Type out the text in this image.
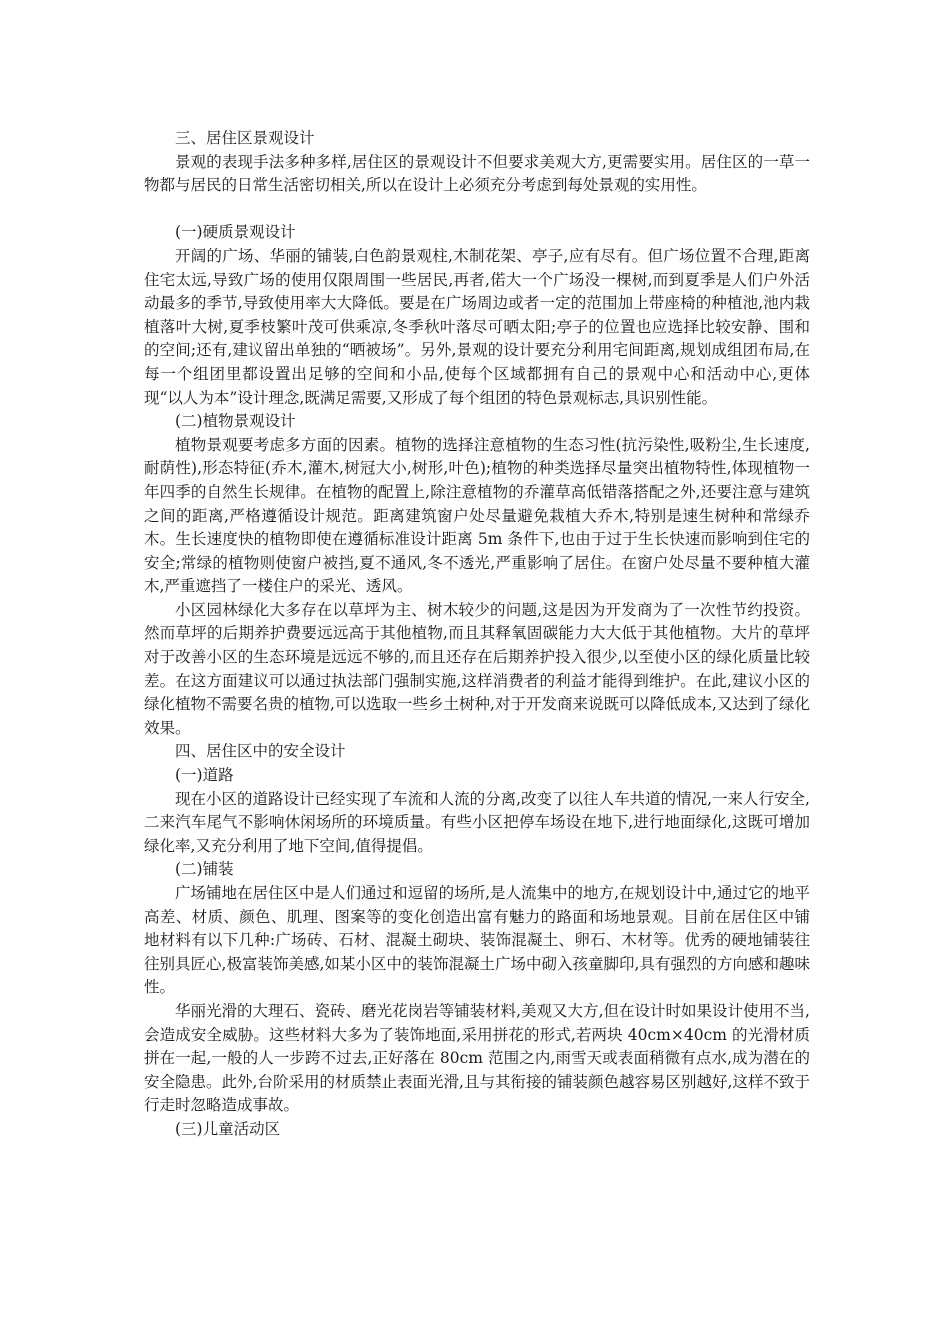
三、居住区景观设计

景观的表现手法多种多样,居住区的景观设计不但要求美观大方,更需要实用。居住区的一草一物都与居民的日常生活密切相关,所以在设计上必须充分考虑到每处景观的实用性。

(一)硬质景观设计

开阔的广场、华丽的铺装,白色韵景观柱,木制花架、亭子,应有尽有。但广场位置不合理,距离住宅太远,导致广场的使用仅限周围一些居民,再者,偌大一个广场没一棵树,而到夏季是人们户外活动最多的季节,导致使用率大大降低。要是在广场周边或者一定的范围加上带座椅的种植池,池内栽植落叶大树,夏季枝繁叶茂可供乘凉,冬季秋叶落尽可晒太阳;亭子的位置也应选择比较安静、围和的空间;还有,建议留出单独的“晒被场”。另外,景观的设计要充分利用宅间距离,规划成组团布局,在每一个组团里都设置出足够的空间和小品,使每个区域都拥有自己的景观中心和活动中心,更体现“以人为本”设计理念,既满足需要,又形成了每个组团的特色景观标志,具识别性能。

(二)植物景观设计

植物景观要考虑多方面的因素。植物的选择注意植物的生态习性(抗污染性,吸粉尘,生长速度,耐荫性),形态特征(乔木,灌木,树冠大小,树形,叶色);植物的种类选择尽量突出植物特性,体现植物一年四季的自然生长规律。在植物的配置上,除注意植物的乔灌草高低错落搭配之外,还要注意与建筑之间的距离,严格遵循设计规范。距离建筑窗户处尽量避免栽植大乔木,特别是速生树种和常绿乔木。生长速度快的植物即使在遵循标准设计距离 5m 条件下,也由于过于生长快速而影响到住宅的安全;常绿的植物则使窗户被挡,夏不通风,冬不透光,严重影响了居住。在窗户处尽量不要种植大灌木,严重遮挡了一楼住户的采光、透风。

小区园林绿化大多存在以草坪为主、树木较少的问题,这是因为开发商为了一次性节约投资。然而草坪的后期养护费要远远高于其他植物,而且其释氧固碳能力大大低于其他植物。大片的草坪对于改善小区的生态环境是远远不够的,而且还存在后期养护投入很少,以至使小区的绿化质量比较差。在这方面建议可以通过执法部门强制实施,这样消费者的利益才能得到维护。在此,建议小区的绿化植物不需要名贵的植物,可以选取一些乡土树种,对于开发商来说既可以降低成本,又达到了绿化效果。

四、居住区中的安全设计

(一)道路

现在小区的道路设计已经实现了车流和人流的分离,改变了以往人车共道的情况,一来人行安全,二来汽车尾气不影响休闲场所的环境质量。有些小区把停车场设在地下,进行地面绿化,这既可增加绿化率,又充分利用了地下空间,值得提倡。

(二)铺装

广场铺地在居住区中是人们通过和逗留的场所,是人流集中的地方,在规划设计中,通过它的地平高差、材质、颜色、肌理、图案等的变化创造出富有魅力的路面和场地景观。目前在居住区中铺地材料有以下几种:广场砖、石材、混凝土砌块、装饰混凝土、卵石、木材等。优秀的硬地铺装往往别具匠心,极富装饰美感,如某小区中的装饰混凝土广场中砌入孩童脚印,具有强烈的方向感和趣味性。

华丽光滑的大理石、瓷砖、磨光花岗岩等铺装材料,美观又大方,但在设计时如果设计使用不当,会造成安全威胁。这些材料大多为了装饰地面,采用拼花的形式,若两块 40cm×40cm 的光滑材质拼在一起,一般的人一步跨不过去,正好落在 80cm 范围之内,雨雪天或表面稍微有点水,成为潜在的安全隐患。此外,台阶采用的材质禁止表面光滑,且与其衔接的铺装颜色越容易区别越好,这样不致于行走时忽略造成事故。

(三)儿童活动区
